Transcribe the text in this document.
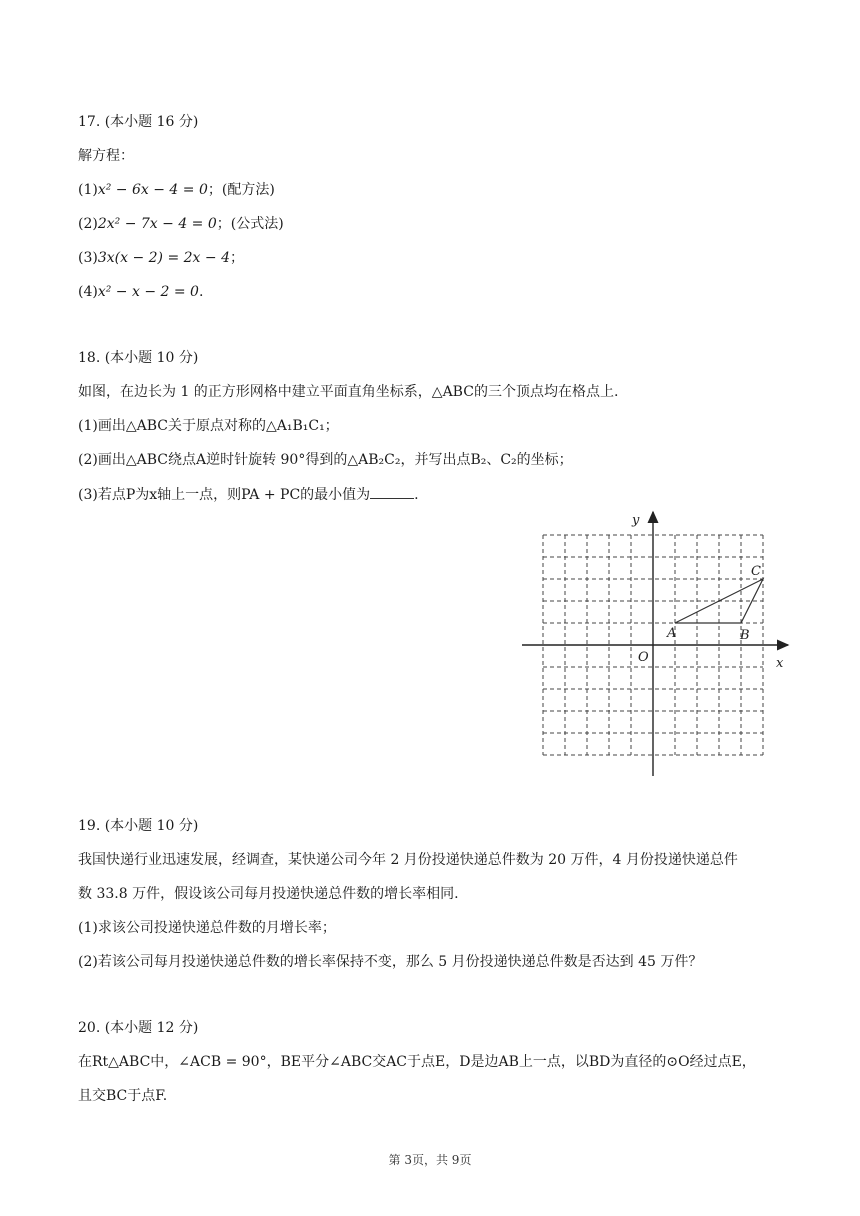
17. (本小题 16 分)
解方程：
(1)x² − 6x − 4 = 0；(配方法)
(2)2x² − 7x − 4 = 0；(公式法)
(3)3x(x − 2) = 2x − 4；
(4)x² − x − 2 = 0.
18. (本小题 10 分)
如图，在边长为 1 的正方形网格中建立平面直角坐标系，△ABC的三个顶点均在格点上.
(1)画出△ABC关于原点对称的△A₁B₁C₁；
(2)画出△ABC绕点A逆时针旋转 90°得到的△AB₂C₂，并写出点B₂、C₂的坐标；
(3)若点P为x轴上一点，则PA + PC的最小值为	.
x
y
O
A	B
C
19. (本小题 10 分)
我国快递行业迅速发展，经调查，某快递公司今年 2 月份投递快递总件数为 20 万件，4 月份投递快递总件
数 33.8 万件，假设该公司每月投递快递总件数的增长率相同.
(1)求该公司投递快递总件数的月增长率；
(2)若该公司每月投递快递总件数的增长率保持不变，那么 5 月份投递快递总件数是否达到 45 万件？
20. (本小题 12 分)
在Rt△ABC中，∠ACB = 90°，BE平分∠ABC交AC于点E，D是边AB上一点，以BD为直径的⊙O经过点E，
且交BC于点F.
第 3页，共 9页
